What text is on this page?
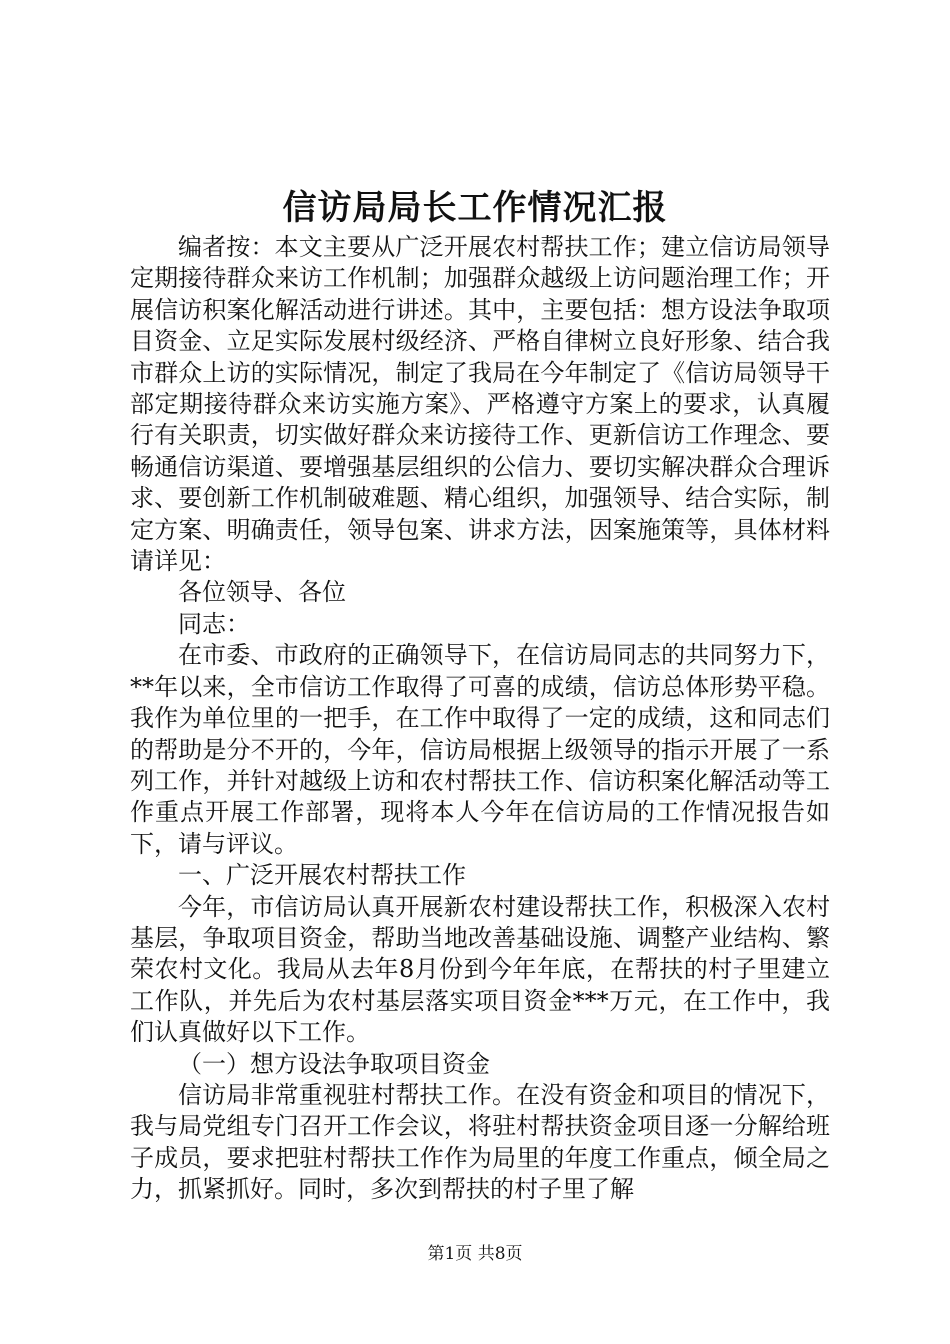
信访局局长工作情况汇报

编者按：本文主要从广泛开展农村帮扶工作；建立信访局领导定期接待群众来访工作机制；加强群众越级上访问题治理工作；开展信访积案化解活动进行讲述。其中，主要包括：想方设法争取项目资金、立足实际发展村级经济、严格自律树立良好形象、结合我市群众上访的实际情况，制定了我局在今年制定了《信访局领导干部定期接待群众来访实施方案》、严格遵守方案上的要求，认真履行有关职责，切实做好群众来访接待工作、更新信访工作理念、要畅通信访渠道、要增强基层组织的公信力、要切实解决群众合理诉求、要创新工作机制破难题、精心组织，加强领导、结合实际，制定方案、明确责任，领导包案、讲求方法，因案施策等，具体材料请详见：

各位领导、各位

同志：

在市委、市政府的正确领导下，在信访局同志的共同努力下，**年以来，全市信访工作取得了可喜的成绩，信访总体形势平稳。我作为单位里的一把手，在工作中取得了一定的成绩，这和同志们的帮助是分不开的，今年，信访局根据上级领导的指示开展了一系列工作，并针对越级上访和农村帮扶工作、信访积案化解活动等工作重点开展工作部署，现将本人今年在信访局的工作情况报告如下，请与评议。

一、广泛开展农村帮扶工作

今年，市信访局认真开展新农村建设帮扶工作，积极深入农村基层，争取项目资金，帮助当地改善基础设施、调整产业结构、繁荣农村文化。我局从去年8月份到今年年底，在帮扶的村子里建立工作队，并先后为农村基层落实项目资金***万元，在工作中，我们认真做好以下工作。

（一）想方设法争取项目资金

信访局非常重视驻村帮扶工作。在没有资金和项目的情况下，我与局党组专门召开工作会议，将驻村帮扶资金项目逐一分解给班子成员，要求把驻村帮扶工作作为局里的年度工作重点，倾全局之力，抓紧抓好。同时，多次到帮扶的村子里了解

第1页 共8页
